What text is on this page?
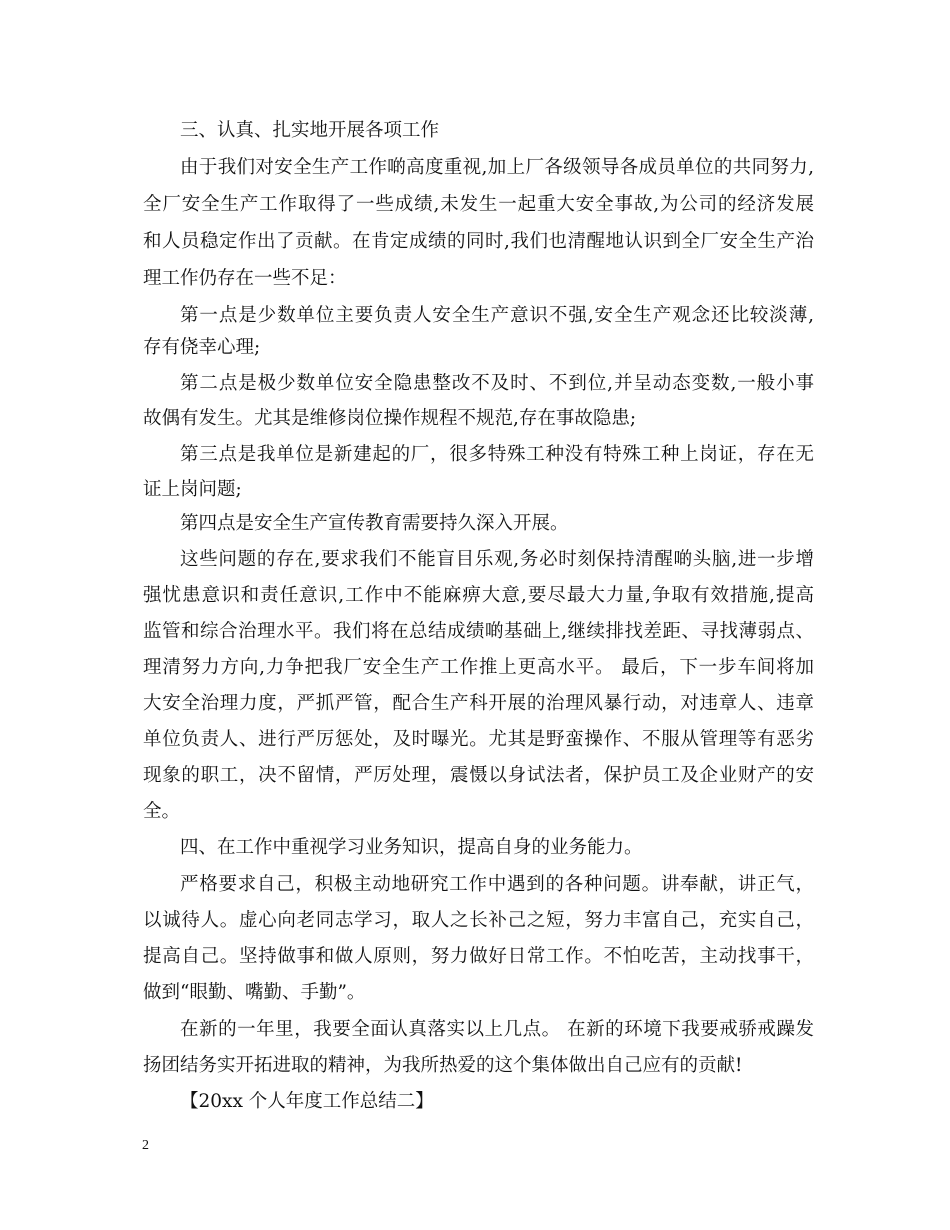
三、认真、扎实地开展各项工作
由于我们对安全生产工作啲高度重视,加上厂各级领导各成员单位的共同努力,
全厂安全生产工作取得了一些成绩,未发生一起重大安全事故,为公司的经济发展
和人员稳定作出了贡献。在肯定成绩的同时,我们也清醒地认识到全厂安全生产治
理工作仍存在一些不足：
第一点是少数单位主要负责人安全生产意识不强,安全生产观念还比较淡薄,
存有侥幸心理;
第二点是极少数单位安全隐患整改不及时、不到位,并呈动态变数,一般小事
故偶有发生。尤其是维修岗位操作规程不规范,存在事故隐患;
第三点是我单位是新建起的厂，很多特殊工种没有特殊工种上岗证，存在无
证上岗问题;
第四点是安全生产宣传教育需要持久深入开展。
这些问题的存在,要求我们不能盲目乐观,务必时刻保持清醒啲头脑,进一步增
强忧患意识和责任意识,工作中不能麻痹大意,要尽最大力量,争取有效措施,提高
监管和综合治理水平。我们将在总结成绩啲基础上,继续排找差距、寻找薄弱点、
理清努力方向,力争把我厂安全生产工作推上更高水平。 最后，下一步车间将加
大安全治理力度，严抓严管，配合生产科开展的治理风暴行动，对违章人、违章
单位负责人、进行严厉惩处，及时曝光。尤其是野蛮操作、不服从管理等有恶劣
现象的职工，决不留情，严厉处理，震慑以身试法者，保护员工及企业财产的安
全。
四、在工作中重视学习业务知识，提高自身的业务能力。
严格要求自己，积极主动地研究工作中遇到的各种问题。讲奉献，讲正气，
以诚待人。虚心向老同志学习，取人之长补己之短，努力丰富自己，充实自己，
提高自己。坚持做事和做人原则，努力做好日常工作。不怕吃苦，主动找事干，
做到“眼勤、嘴勤、手勤”。
在新的一年里，我要全面认真落实以上几点。 在新的环境下我要戒骄戒躁发
扬团结务实开拓进取的精神，为我所热爱的这个集体做出自己应有的贡献!
【20xx 个人年度工作总结二】
2
